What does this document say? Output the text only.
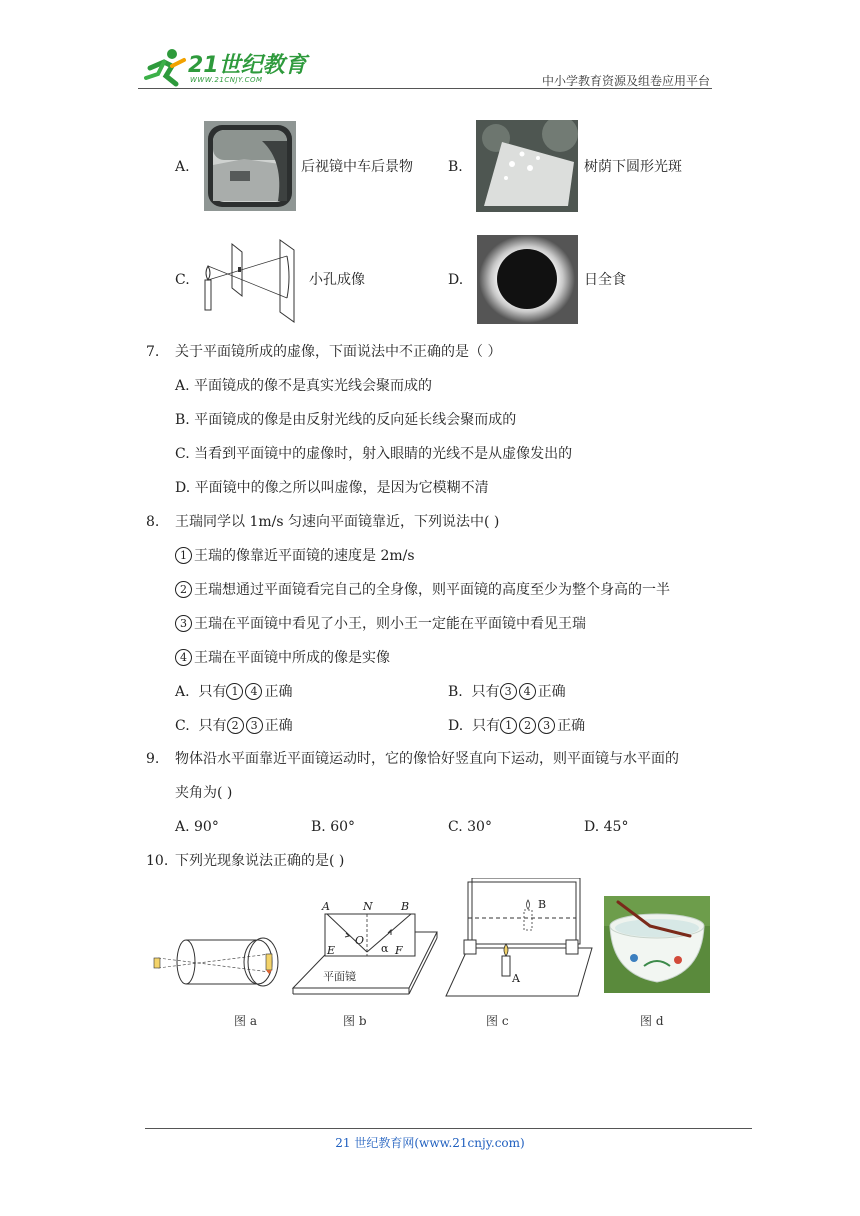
21世纪教育
WWW.21CNJY.COM	中小学教育资源及组卷应用平台
A.	后视镜中车后景物	B.	树荫下圆形光斑
C.	小孔成像	D.	日全食
7. 关于平面镜所成的虚像，下面说法中不正确的是（ ）
A. 平面镜成的像不是真实光线会聚而成的
B. 平面镜成的像是由反射光线的反向延长线会聚而成的
C. 当看到平面镜中的虚像时，射入眼睛的光线不是从虚像发出的
D. 平面镜中的像之所以叫虚像，是因为它模糊不清
8. 王瑞同学以 1m/s 匀速向平面镜靠近，下列说法中( )
1 王瑞的像靠近平面镜的速度是 2m/s
2 王瑞想通过平面镜看完自己的全身像，则平面镜的高度至少为整个身高的一半
3 王瑞在平面镜中看见了小王，则小王一定能在平面镜中看见王瑞
4 王瑞在平面镜中所成的像是实像
A. 只有 1 4 正确	B. 只有 3 4 正确
C. 只有 2 3 正确	D. 只有 1 2 3 正确
9. 物体沿水平面靠近平面镜运动时，它的像恰好竖直向下运动，则平面镜与水平面的
夹角为( )
A. 90°	B. 60°	C. 30°	D. 45°
10. 下列光现象说法正确的是( )
图 a
A	N	B
O
E	F
α
平面镜
图 b
B
A
图 c	图 d
21 世纪教育网(www.21cnjy.com)
